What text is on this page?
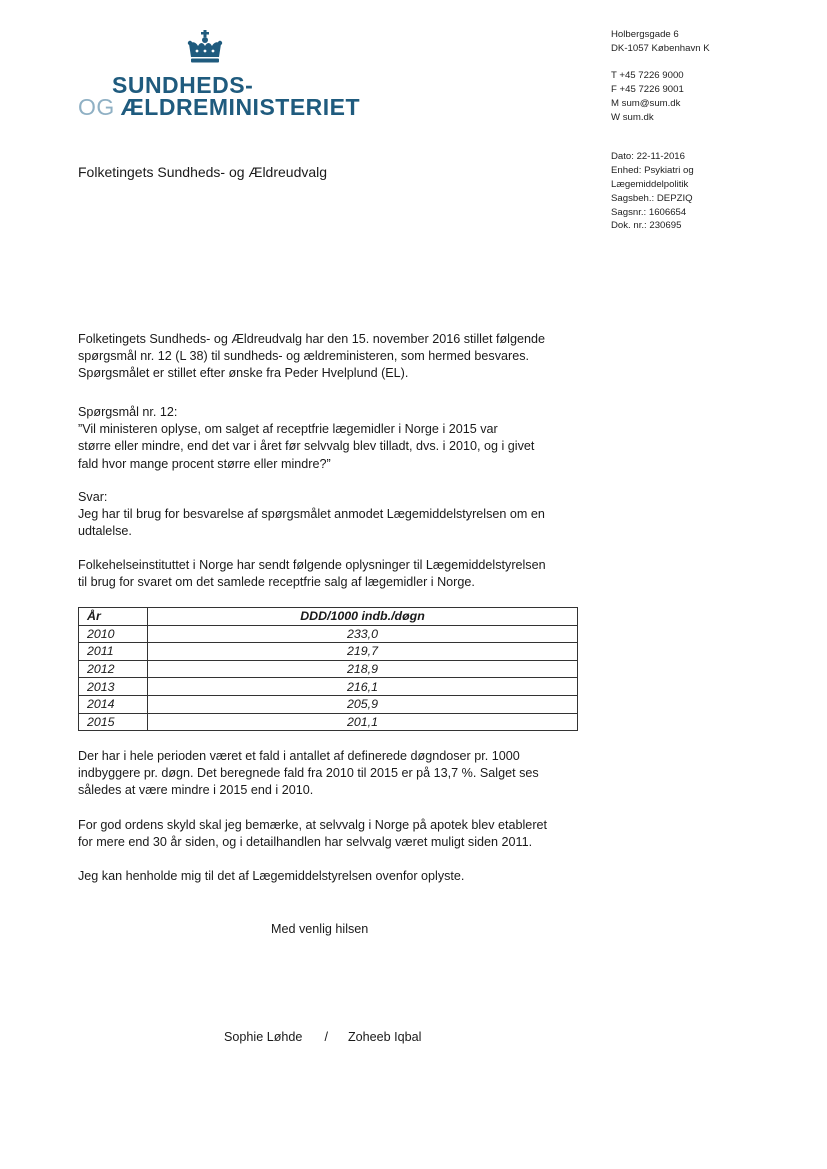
SUNDHEDS-
OG ÆLDREMINISTERIET
Holbergsgade 6
DK-1057 København K
T +45 7226 9000
F +45 7226 9001
M sum@sum.dk
W sum.dk
Dato: 22-11-2016
Enhed: Psykiatri og
Lægemiddelpolitik
Sagsbeh.: DEPZIQ
Sagsnr.: 1606654
Dok. nr.: 230695
Folketingets Sundheds- og Ældreudvalg
Folketingets Sundheds- og Ældreudvalg har den 15. november 2016 stillet følgende
spørgsmål nr. 12 (L 38) til sundheds- og ældreministeren, som hermed besvares.
Spørgsmålet er stillet efter ønske fra Peder Hvelplund (EL).
Spørgsmål nr. 12:
”Vil ministeren oplyse, om salget af receptfrie lægemidler i Norge i 2015 var
større eller mindre, end det var i året før selvvalg blev tilladt, dvs. i 2010, og i givet
fald hvor mange procent større eller mindre?”
Svar:
Jeg har til brug for besvarelse af spørgsmålet anmodet Lægemiddelstyrelsen om en
udtalelse.
Folkehelseinstituttet i Norge har sendt følgende oplysninger til Lægemiddelstyrelsen
til brug for svaret om det samlede receptfrie salg af lægemidler i Norge.
År	DDD/1000 indb./døgn
2010	233,0
2011	219,7
2012	218,9
2013	216,1
2014	205,9
2015	201,1
Der har i hele perioden været et fald i antallet af definerede døgndoser pr. 1000
indbyggere pr. døgn. Det beregnede fald fra 2010 til 2015 er på 13,7 %. Salget ses
således at være mindre i 2015 end i 2010.
For god ordens skyld skal jeg bemærke, at selvvalg i Norge på apotek blev etableret
for mere end 30 år siden, og i detailhandlen har selvvalg været muligt siden 2011.
Jeg kan henholde mig til det af Lægemiddelstyrelsen ovenfor oplyste.
Med venlig hilsen
Sophie Løhde / Zoheeb Iqbal
